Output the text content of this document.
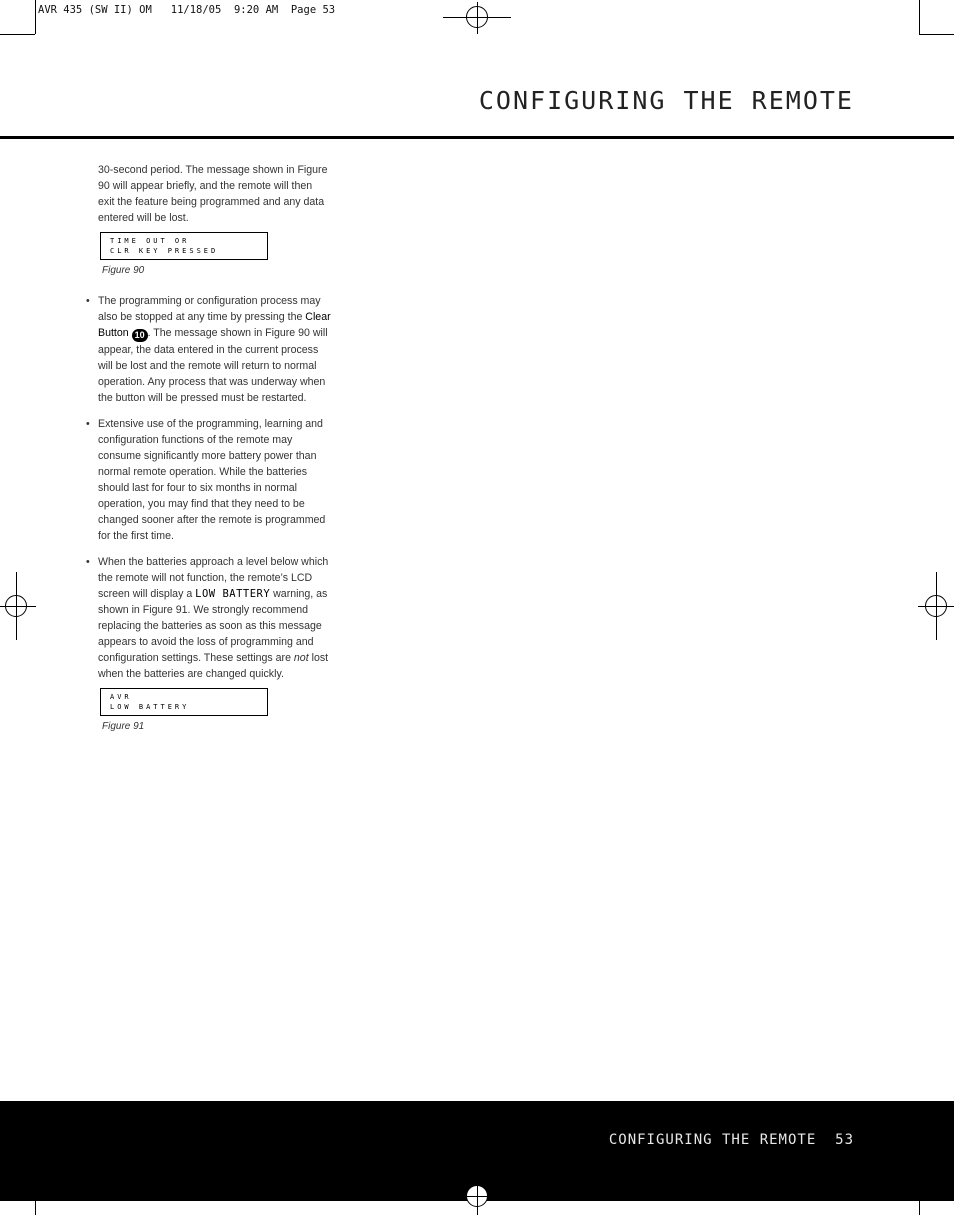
AVR 435 (SW II) OM   11/18/05  9:20 AM  Page 53
CONFIGURING THE REMOTE

30-second period. The message shown in Figure 90 will appear briefly, and the remote will then exit the feature being programmed and any data entered will be lost.

TIME OUT OR
CLR KEY PRESSED
Figure 90

• The programming or configuration process may also be stopped at any time by pressing the Clear Button 10 . The message shown in Figure 90 will appear, the data entered in the current process will be lost and the remote will return to normal operation. Any process that was underway when the button will be pressed must be restarted.

• Extensive use of the programming, learning and configuration functions of the remote may consume significantly more battery power than normal remote operation. While the batteries should last for four to six months in normal operation, you may find that they need to be changed sooner after the remote is programmed for the first time.

• When the batteries approach a level below which the remote will not function, the remote’s LCD screen will display a LOW BATTERY warning, as shown in Figure 91. We strongly recommend replacing the batteries as soon as this message appears to avoid the loss of programming and configuration settings. These settings are not lost when the batteries are changed quickly.

AVR
LOW BATTERY
Figure 91
CONFIGURING THE REMOTE 53
